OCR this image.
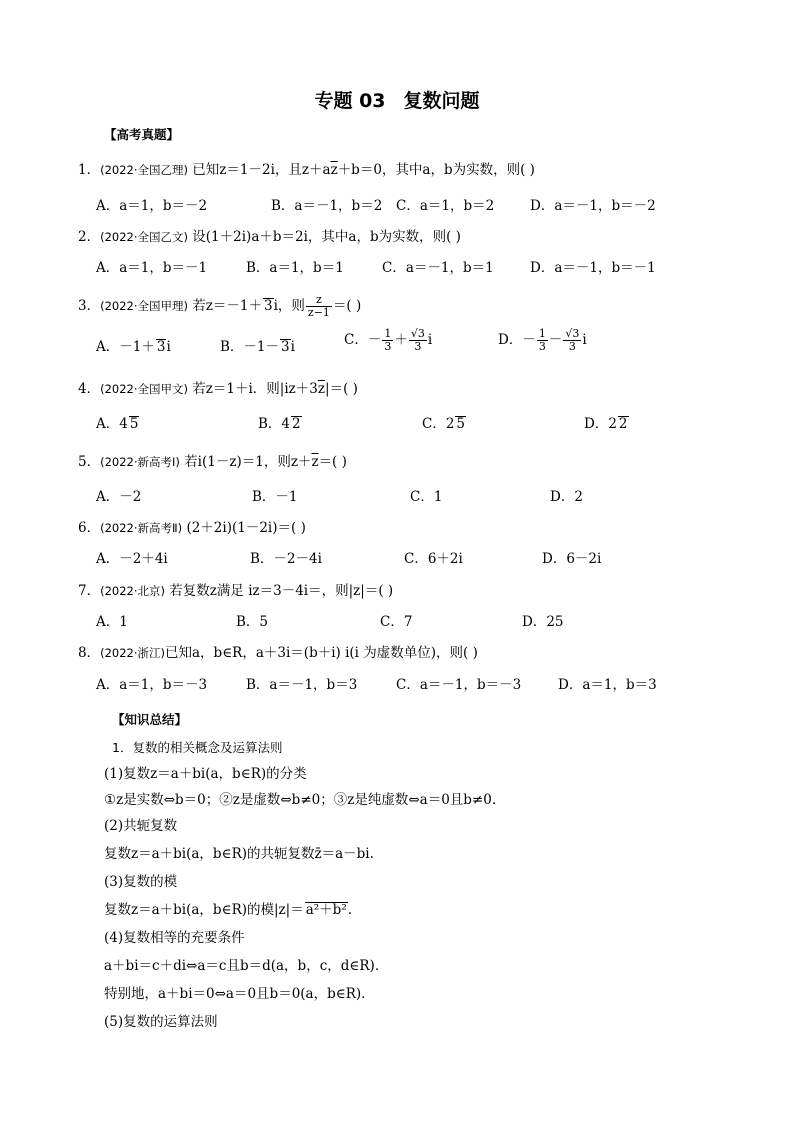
专题 03 复数问题
【高考真题】
1．(2022·全国乙理) 已知z＝1－2i，且$z+a\overline{z}+b=0$，其中a，b为实数，则( )
A．a＝1，b＝－2	B．a＝－1，b＝2 C．a＝1，b＝2	D．a＝－1，b＝－2
2．(2022·全国乙文) 设(1＋2i)a＋b＝2i，其中a，b为实数，则( )
A．a＝1，b＝－1	B．a＝1，b＝1	C．a＝－1，b＝1	D．a＝－1，b＝－1
3．(2022·全国甲理) 若z＝－1＋ 3i，则 $\frac{z}{z-1}$ ＝( )
A．－1＋ 3i	B．－1－ 3i	C．－ $\frac{1}{3} + \frac{√3}{3}$ i	D．－ $\frac{1}{3} - \frac{√3}{3}$ i
4．(2022·全国甲文) 若z＝1＋i．则$|iz+3\overline{z}|=$( )
A．4 5	B．4 2	C．2 5	D．2 2
5．(2022·新高考Ⅰ) 若i(1－z)＝1，则$z+\overline{z}=$( )
A．－2	B．－1	C．1	D．2
6．(2022·新高考Ⅱ) (2＋2i)(1－2i)＝( )
A．－2＋4i	B．－2－4i	C．6＋2i	D．6－2i
7．(2022·北京) 若复数z满足 iz＝3－4i＝，则|z|＝( )
A．1	B．5	C．7	D．25
8．(2022·浙江)已知a，b∈R，a＋3i＝(b＋i) i(i 为虚数单位)，则( )
A．a＝1，b＝－3	B．a＝－1，b＝3	C．a＝－1，b＝－3	D．a＝1，b＝3
【知识总结】
1．复数的相关概念及运算法则
(1)复数z＝a＋bi(a，b∈R)的分类
①z是实数⇔b＝0；②z是虚数⇔b≠0；③z是纯虚数⇔a＝0且b≠0.
(2)共轭复数
复数z＝a＋bi(a，b∈R)的共轭复数z̄＝a－bi.
(3)复数的模
复数z＝a＋bi(a，b∈R)的模|z|＝ a²＋b².
(4)复数相等的充要条件
a＋bi＝c＋di⇔a＝c且b＝d(a，b，c，d∈R)．
特别地，a＋bi＝0⇔a＝0且b＝0(a，b∈R)．
(5)复数的运算法则
